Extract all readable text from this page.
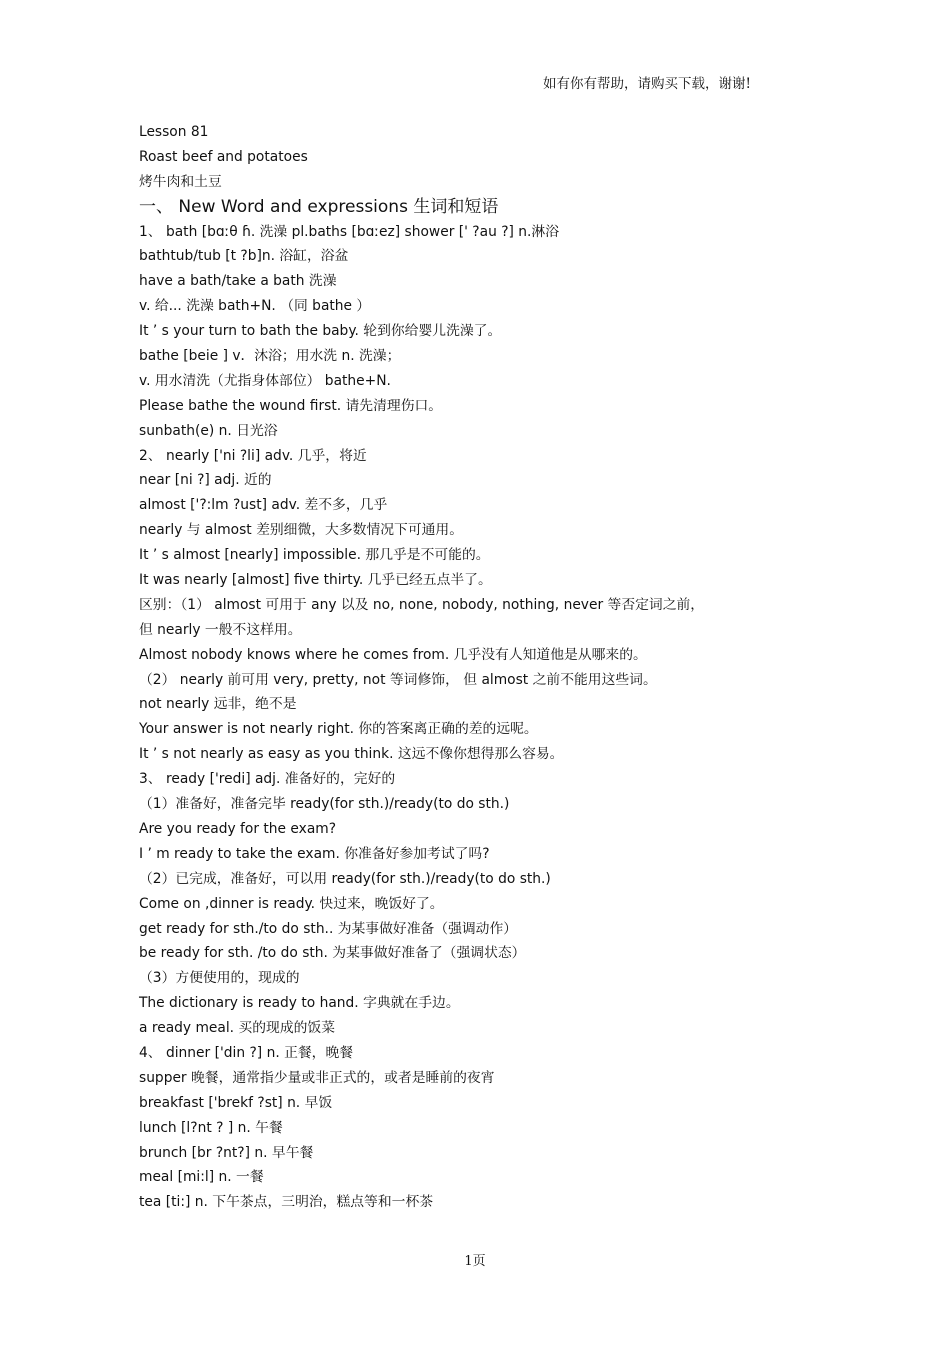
如有你有帮助，请购买下载，谢谢!
Lesson 81
Roast beef and potatoes
烤牛肉和土豆
一、 New Word and expressions 生词和短语
1、 bath [bɑːθ ɦ. 洗澡 pl.baths [bɑːez] shower [' ?au ?] n.淋浴
bathtub/tub [t ?b]n. 浴缸，浴盆
have a bath/take a bath 洗澡
v. 给... 洗澡 bath+N. （同 bathe ）
It ’ s your turn to bath the baby. 轮到你给婴儿洗澡了。
bathe [beie ] v．沐浴；用水洗 n. 洗澡；
v. 用水清洗（尤指身体部位） bathe+N.
Please bathe the wound first. 请先清理伤口。
sunbath(e) n. 日光浴
2、 nearly ['ni ?li] adv. 几乎，将近
near [ni ?] adj. 近的
almost ['?:lm ?ust] adv. 差不多，几乎
nearly 与 almost 差别细微，大多数情况下可通用。
It ’ s almost [nearly] impossible. 那几乎是不可能的。
It was nearly [almost] five thirty. 几乎已经五点半了。
区别：（1） almost 可用于 any 以及 no, none, nobody, nothing, never 等否定词之前，
但 nearly 一般不这样用。
Almost nobody knows where he comes from. 几乎没有人知道他是从哪来的。
（2） nearly 前可用 very, pretty, not 等词修饰， 但 almost 之前不能用这些词。
not nearly 远非，绝不是
Your answer is not nearly right. 你的答案离正确的差的远呢。
It ’ s not nearly as easy as you think. 这远不像你想得那么容易。
3、 ready ['redi] adj. 准备好的，完好的
（1）准备好，准备完毕 ready(for sth.)/ready(to do sth.)
Are you ready for the exam?
I ’ m ready to take the exam. 你准备好参加考试了吗?
（2）已完成，准备好，可以用 ready(for sth.)/ready(to do sth.)
Come on ,dinner is ready. 快过来，晚饭好了。
get ready for sth./to do sth.. 为某事做好准备（强调动作）
be ready for sth. /to do sth. 为某事做好准备了（强调状态）
（3）方便使用的，现成的
The dictionary is ready to hand. 字典就在手边。
a ready meal. 买的现成的饭菜
4、 dinner ['din ?] n. 正餐，晚餐
supper 晚餐，通常指少量或非正式的，或者是睡前的夜宵
breakfast ['brekf ?st] n. 早饭
lunch [l?nt ? ] n. 午餐
brunch [br ?nt?] n. 早午餐
meal [mi:l] n. 一餐
tea [ti:] n. 下午茶点，三明治，糕点等和一杯茶
1页
